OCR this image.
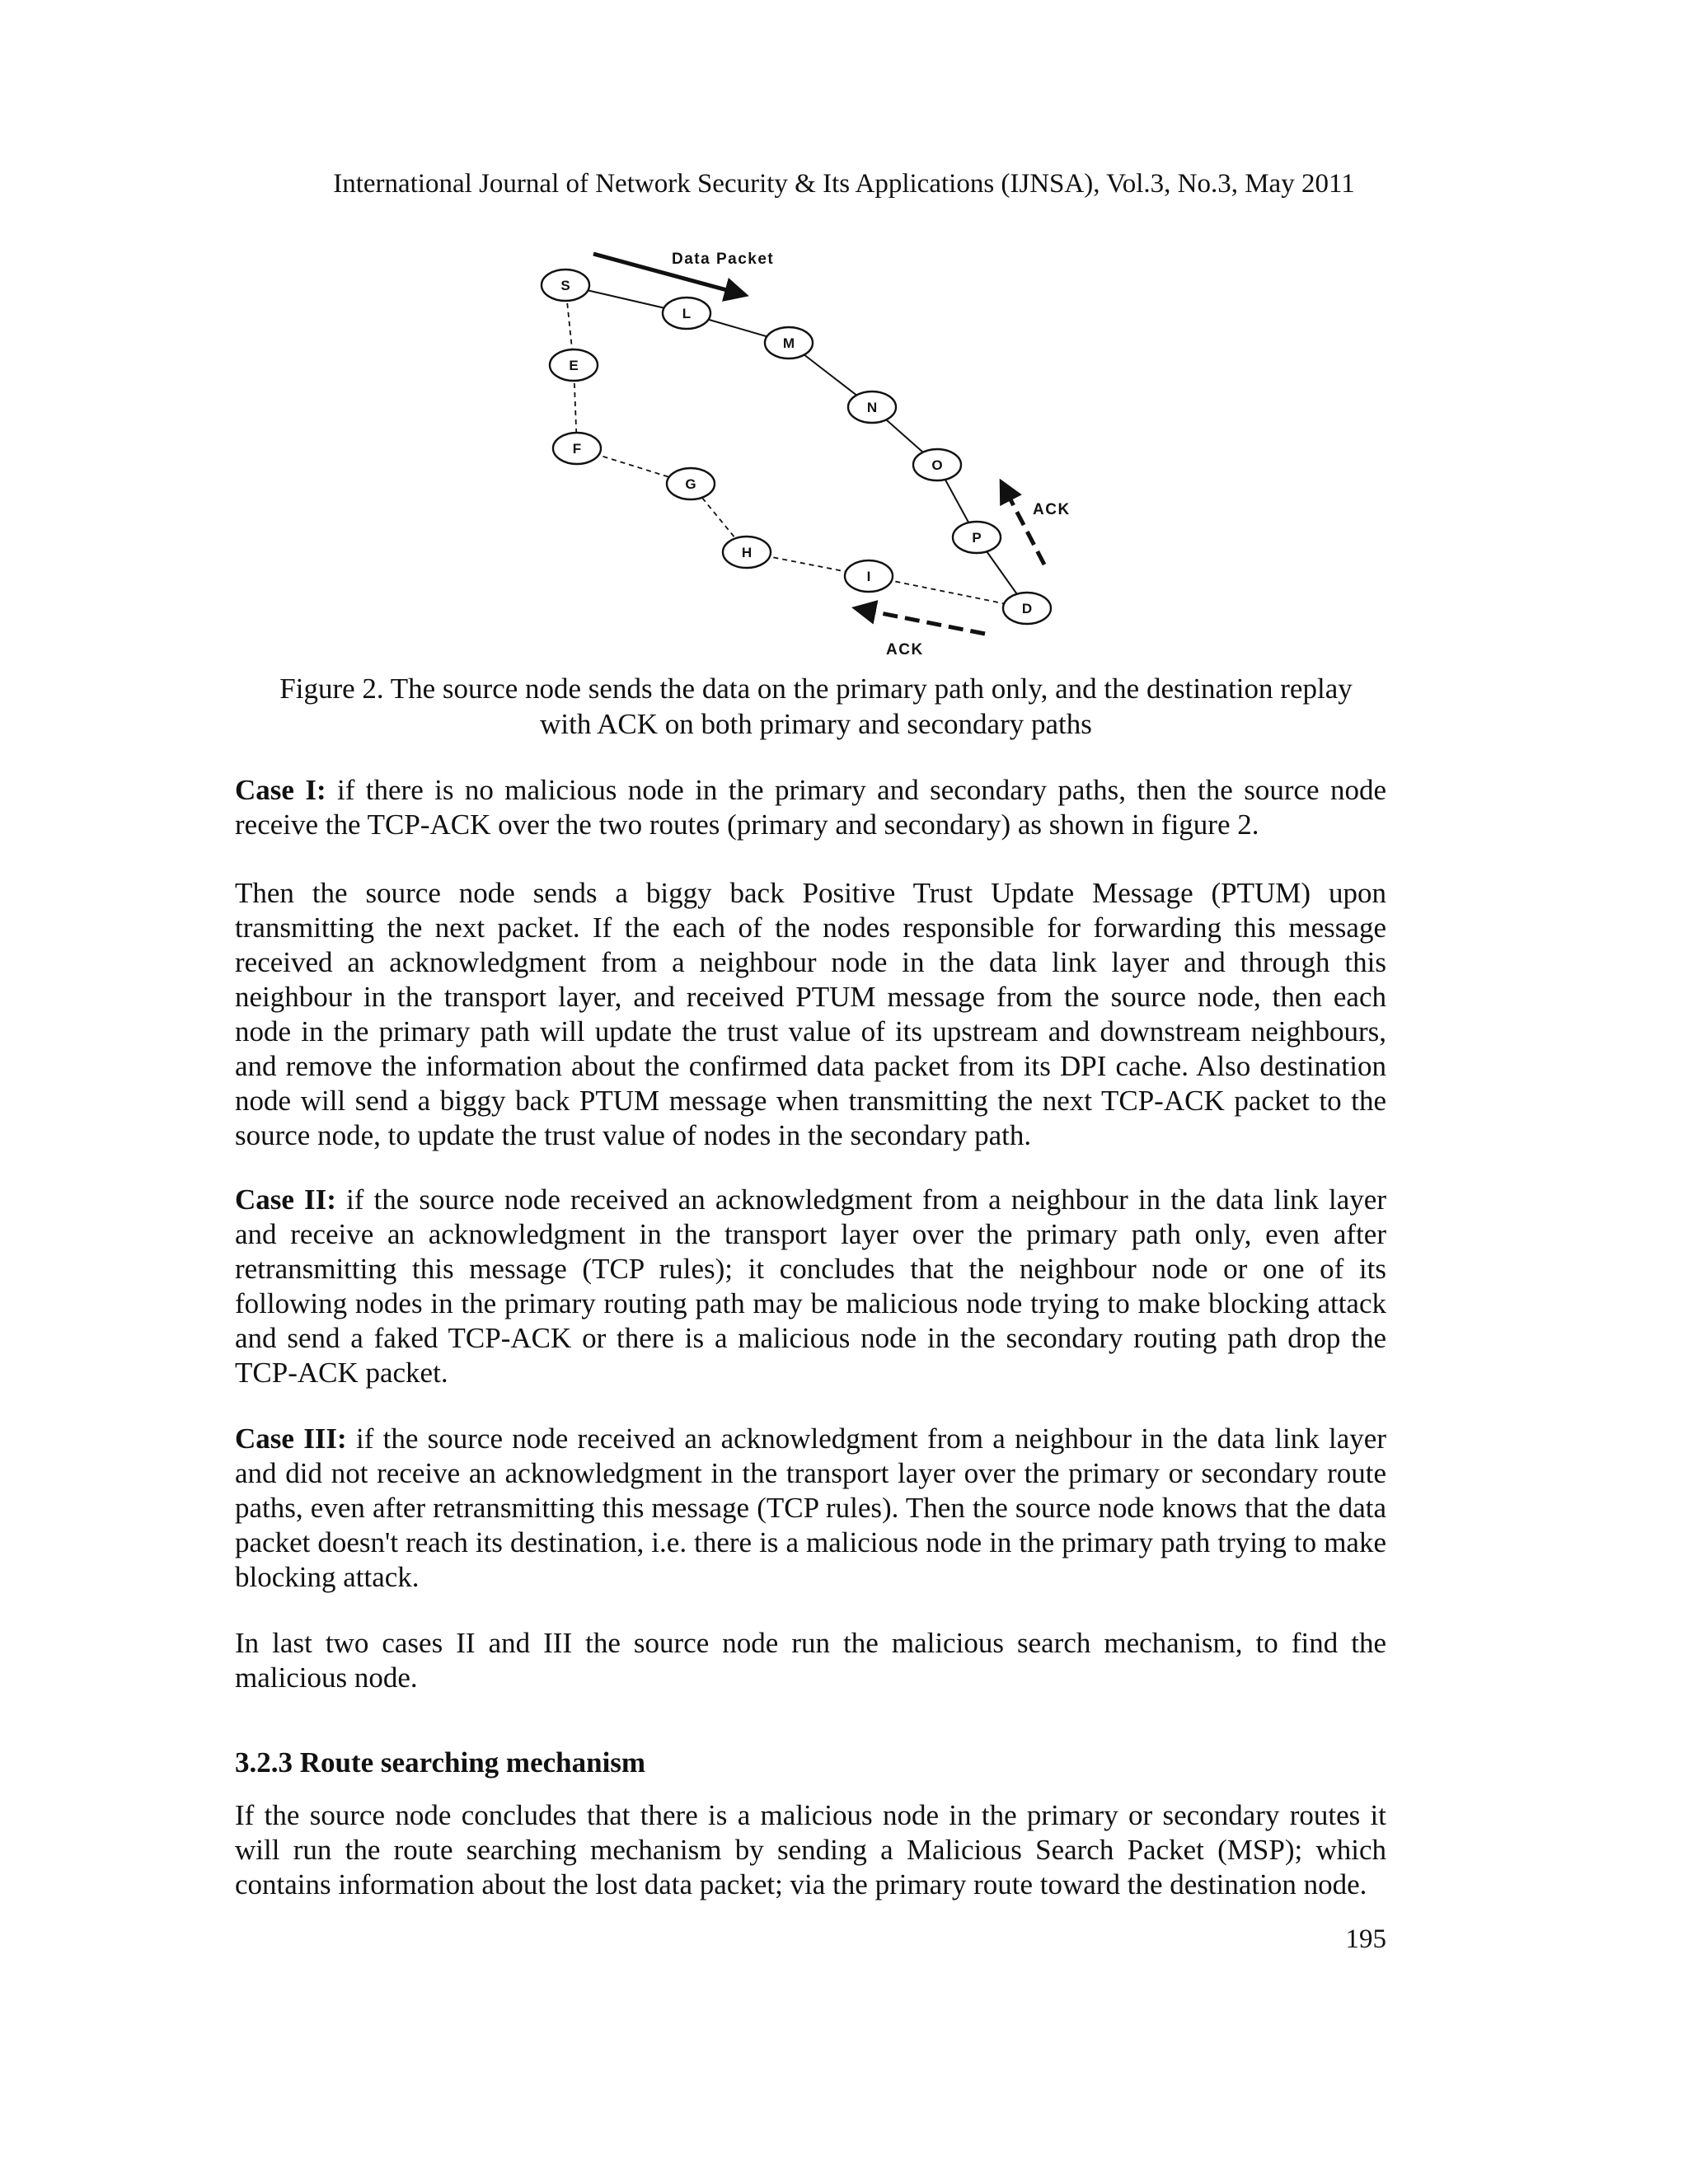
International Journal of Network Security & Its Applications (IJNSA), Vol.3, No.3, May 2011
Data Packet
ACK
ACK
S
L
M
N
O
P
D
E
F
G
H
I
Figure 2. The source node sends the data on the primary path only, and the destination replay
with ACK on both primary and secondary paths

Case I: if there is no malicious node in the primary and secondary paths, then the source node receive the TCP-ACK over the two routes (primary and secondary) as shown in figure 2.

Then the source node sends a biggy back Positive Trust Update Message (PTUM) upon transmitting the next packet. If the each of the nodes responsible for forwarding this message received an acknowledgment from a neighbour node in the data link layer and through this neighbour in the transport layer, and received PTUM message from the source node, then each node in the primary path will update the trust value of its upstream and downstream neighbours, and remove the information about the confirmed data packet from its DPI cache. Also destination node will send a biggy back PTUM message when transmitting the next TCP-ACK packet to the source node, to update the trust value of nodes in the secondary path.

Case II: if the source node received an acknowledgment from a neighbour in the data link layer and receive an acknowledgment in the transport layer over the primary path only, even after retransmitting this message (TCP rules); it concludes that the neighbour node or one of its following nodes in the primary routing path may be malicious node trying to make blocking attack and send a faked TCP-ACK or there is a malicious node in the secondary routing path drop the TCP-ACK packet.

Case III: if the source node received an acknowledgment from a neighbour in the data link layer and did not receive an acknowledgment in the transport layer over the primary or secondary route paths, even after retransmitting this message (TCP rules). Then the source node knows that the data packet doesn't reach its destination, i.e. there is a malicious node in the primary path trying to make blocking attack.

In last two cases II and III the source node run the malicious search mechanism, to find the malicious node.

3.2.3 Route searching mechanism

If the source node concludes that there is a malicious node in the primary or secondary routes it will run the route searching mechanism by sending a Malicious Search Packet (MSP); which contains information about the lost data packet; via the primary route toward the destination node.

195
